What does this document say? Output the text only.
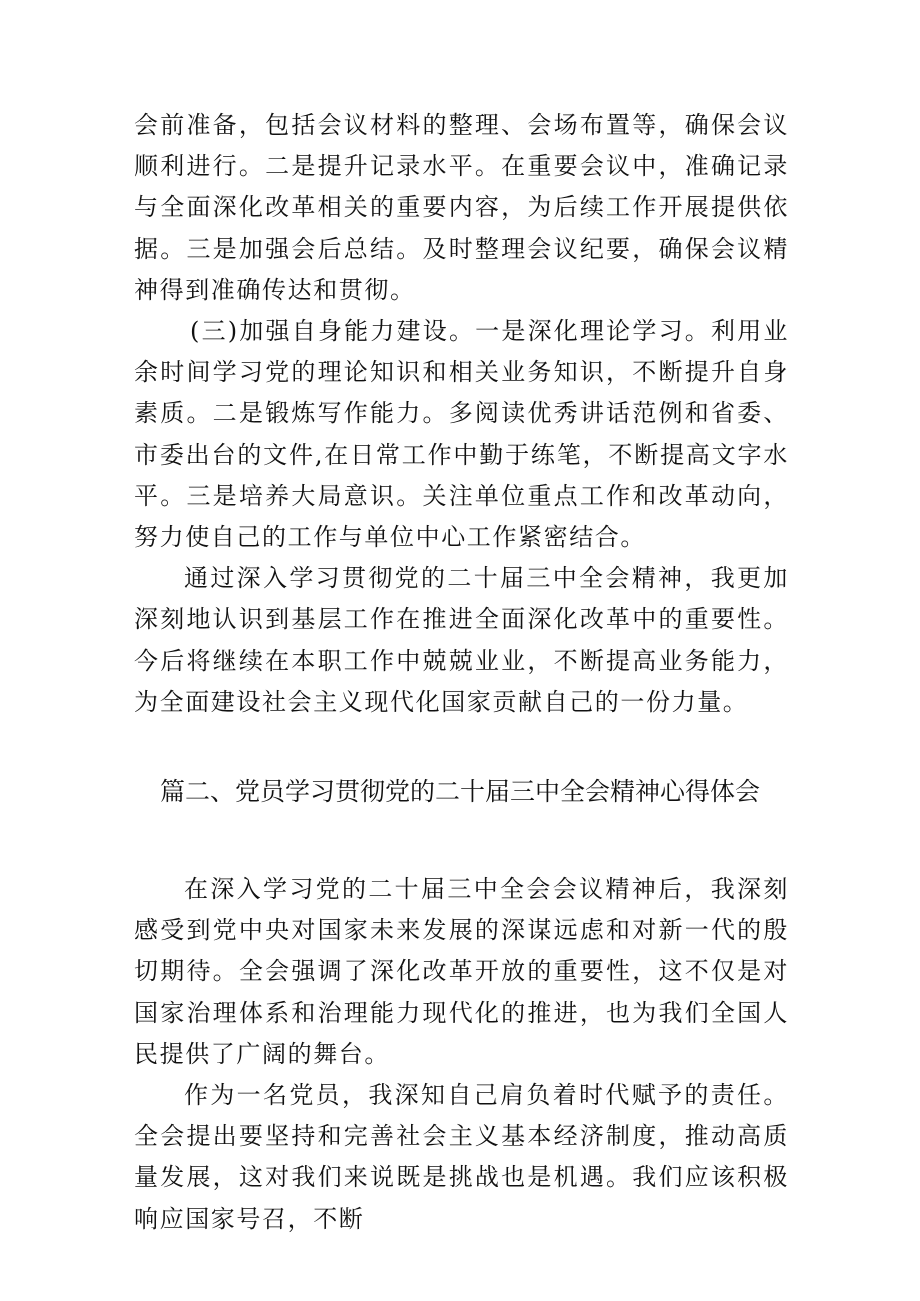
会前准备，包括会议材料的整理、会场布置等，确保会议顺利进行。二是提升记录水平。在重要会议中，准确记录与全面深化改革相关的重要内容，为后续工作开展提供依据。三是加强会后总结。及时整理会议纪要，确保会议精神得到准确传达和贯彻。

(三)加强自身能力建设。一是深化理论学习。利用业余时间学习党的理论知识和相关业务知识，不断提升自身素质。二是锻炼写作能力。多阅读优秀讲话范例和省委、市委出台的文件,在日常工作中勤于练笔，不断提高文字水平。三是培养大局意识。关注单位重点工作和改革动向，努力使自己的工作与单位中心工作紧密结合。

通过深入学习贯彻党的二十届三中全会精神，我更加深刻地认识到基层工作在推进全面深化改革中的重要性。今后将继续在本职工作中兢兢业业，不断提高业务能力，为全面建设社会主义现代化国家贡献自己的一份力量。

篇二、党员学习贯彻党的二十届三中全会精神心得体会

在深入学习党的二十届三中全会会议精神后，我深刻感受到党中央对国家未来发展的深谋远虑和对新一代的殷切期待。全会强调了深化改革开放的重要性，这不仅是对国家治理体系和治理能力现代化的推进，也为我们全国人民提供了广阔的舞台。

作为一名党员，我深知自己肩负着时代赋予的责任。全会提出要坚持和完善社会主义基本经济制度，推动高质量发展，这对我们来说既是挑战也是机遇。我们应该积极响应国家号召，不断
